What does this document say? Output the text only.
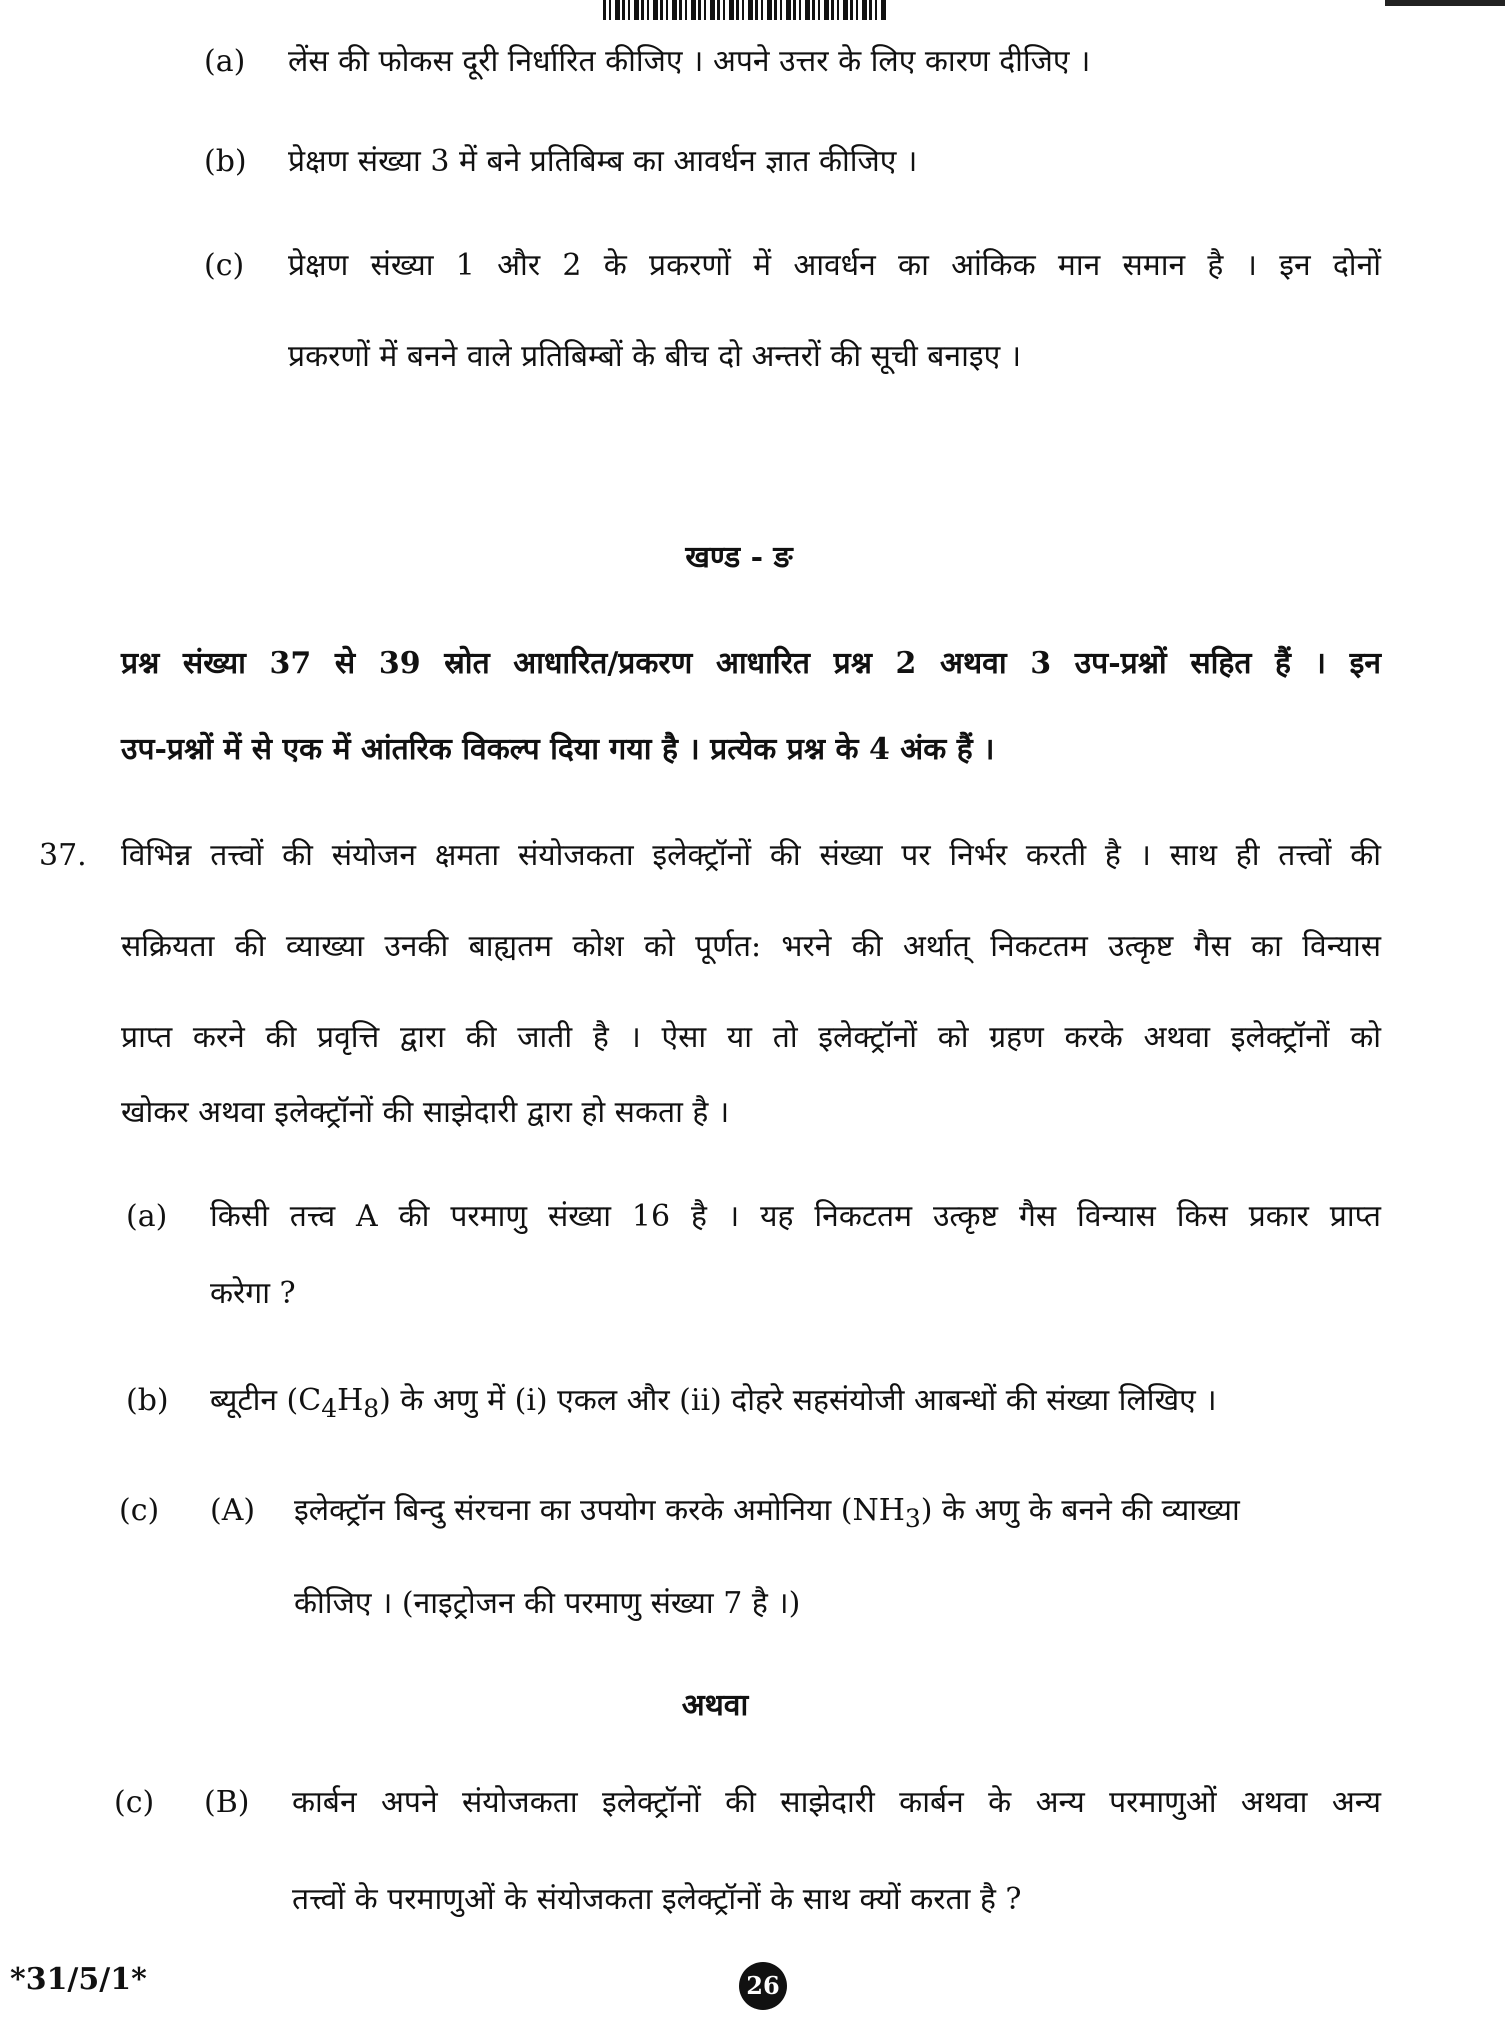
(a) लेंस की फोकस दूरी निर्धारित कीजिए । अपने उत्तर के लिए कारण दीजिए ।
(b) प्रेक्षण संख्या 3 में बने प्रतिबिम्ब का आवर्धन ज्ञात कीजिए ।
(c) प्रेक्षण संख्या 1 और 2 के प्रकरणों में आवर्धन का आंकिक मान समान है । इन दोनों
प्रकरणों में बनने वाले प्रतिबिम्बों के बीच दो अन्तरों की सूची बनाइए ।
खण्ड - ङ
प्रश्न संख्या 37 से 39 स्रोत आधारित/प्रकरण आधारित प्रश्न 2 अथवा 3 उप-प्रश्नों सहित हैं । इन
उप-प्रश्नों में से एक में आंतरिक विकल्प दिया गया है । प्रत्येक प्रश्न के 4 अंक हैं ।
37. विभिन्न तत्त्वों की संयोजन क्षमता संयोजकता इलेक्ट्रॉनों की संख्या पर निर्भर करती है । साथ ही तत्त्वों की
सक्रियता की व्याख्या उनकी बाह्यतम कोश को पूर्णत: भरने की अर्थात् निकटतम उत्कृष्ट गैस का विन्यास
प्राप्त करने की प्रवृत्ति द्वारा की जाती है । ऐसा या तो इलेक्ट्रॉनों को ग्रहण करके अथवा इलेक्ट्रॉनों को
खोकर अथवा इलेक्ट्रॉनों की साझेदारी द्वारा हो सकता है ।
(a) किसी तत्त्व A की परमाणु संख्या 16 है । यह निकटतम उत्कृष्ट गैस विन्यास किस प्रकार प्राप्त
करेगा ?
(b) ब्यूटीन $(C_4H_8)$ के अणु में (i) एकल और (ii) दोहरे सहसंयोजी आबन्धों की संख्या लिखिए ।
(c) (A) इलेक्ट्रॉन बिन्दु संरचना का उपयोग करके अमोनिया $(NH_3)$ के अणु के बनने की व्याख्या
कीजिए । (नाइट्रोजन की परमाणु संख्या 7 है ।)
अथवा
(c) (B) कार्बन अपने संयोजकता इलेक्ट्रॉनों की साझेदारी कार्बन के अन्य परमाणुओं अथवा अन्य
तत्त्वों के परमाणुओं के संयोजकता इलेक्ट्रॉनों के साथ क्यों करता है ?
*31/5/1*	26
